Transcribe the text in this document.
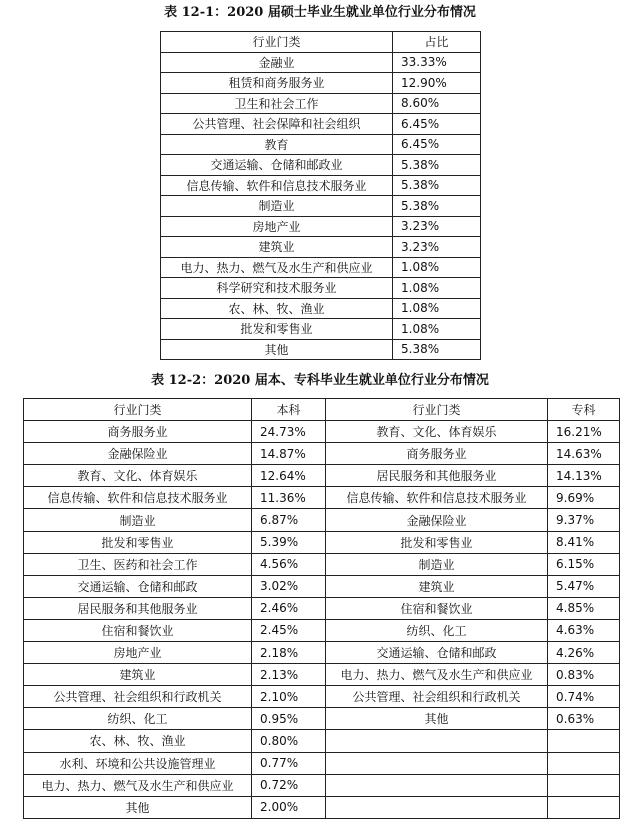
表 12-1：2020 届硕士毕业生就业单位行业分布情况
行业门类	占比
金融业	33.33%
租赁和商务服务业	12.90%
卫生和社会工作	8.60%
公共管理、社会保障和社会组织	6.45%
教育	6.45%
交通运输、仓储和邮政业	5.38%
信息传输、软件和信息技术服务业	5.38%
制造业	5.38%
房地产业	3.23%
建筑业	3.23%
电力、热力、燃气及水生产和供应业	1.08%
科学研究和技术服务业	1.08%
农、林、牧、渔业	1.08%
批发和零售业	1.08%
其他	5.38%
表 12-2：2020 届本、专科毕业生就业单位行业分布情况
行业门类	本科	行业门类	专科
商务服务业	24.73%	教育、文化、体育娱乐	16.21%
金融保险业	14.87%	商务服务业	14.63%
教育、文化、体育娱乐	12.64%	居民服务和其他服务业	14.13%
信息传输、软件和信息技术服务业	11.36%	信息传输、软件和信息技术服务业	9.69%
制造业	6.87%	金融保险业	9.37%
批发和零售业	5.39%	批发和零售业	8.41%
卫生、医药和社会工作	4.56%	制造业	6.15%
交通运输、仓储和邮政	3.02%	建筑业	5.47%
居民服务和其他服务业	2.46%	住宿和餐饮业	4.85%
住宿和餐饮业	2.45%	纺织、化工	4.63%
房地产业	2.18%	交通运输、仓储和邮政	4.26%
建筑业	2.13%	电力、热力、燃气及水生产和供应业	0.83%
公共管理、社会组织和行政机关	2.10%	公共管理、社会组织和行政机关	0.74%
纺织、化工	0.95%	其他	0.63%
农、林、牧、渔业	0.80%		
水利、环境和公共设施管理业	0.77%		
电力、热力、燃气及水生产和供应业	0.72%		
其他	2.00%		
